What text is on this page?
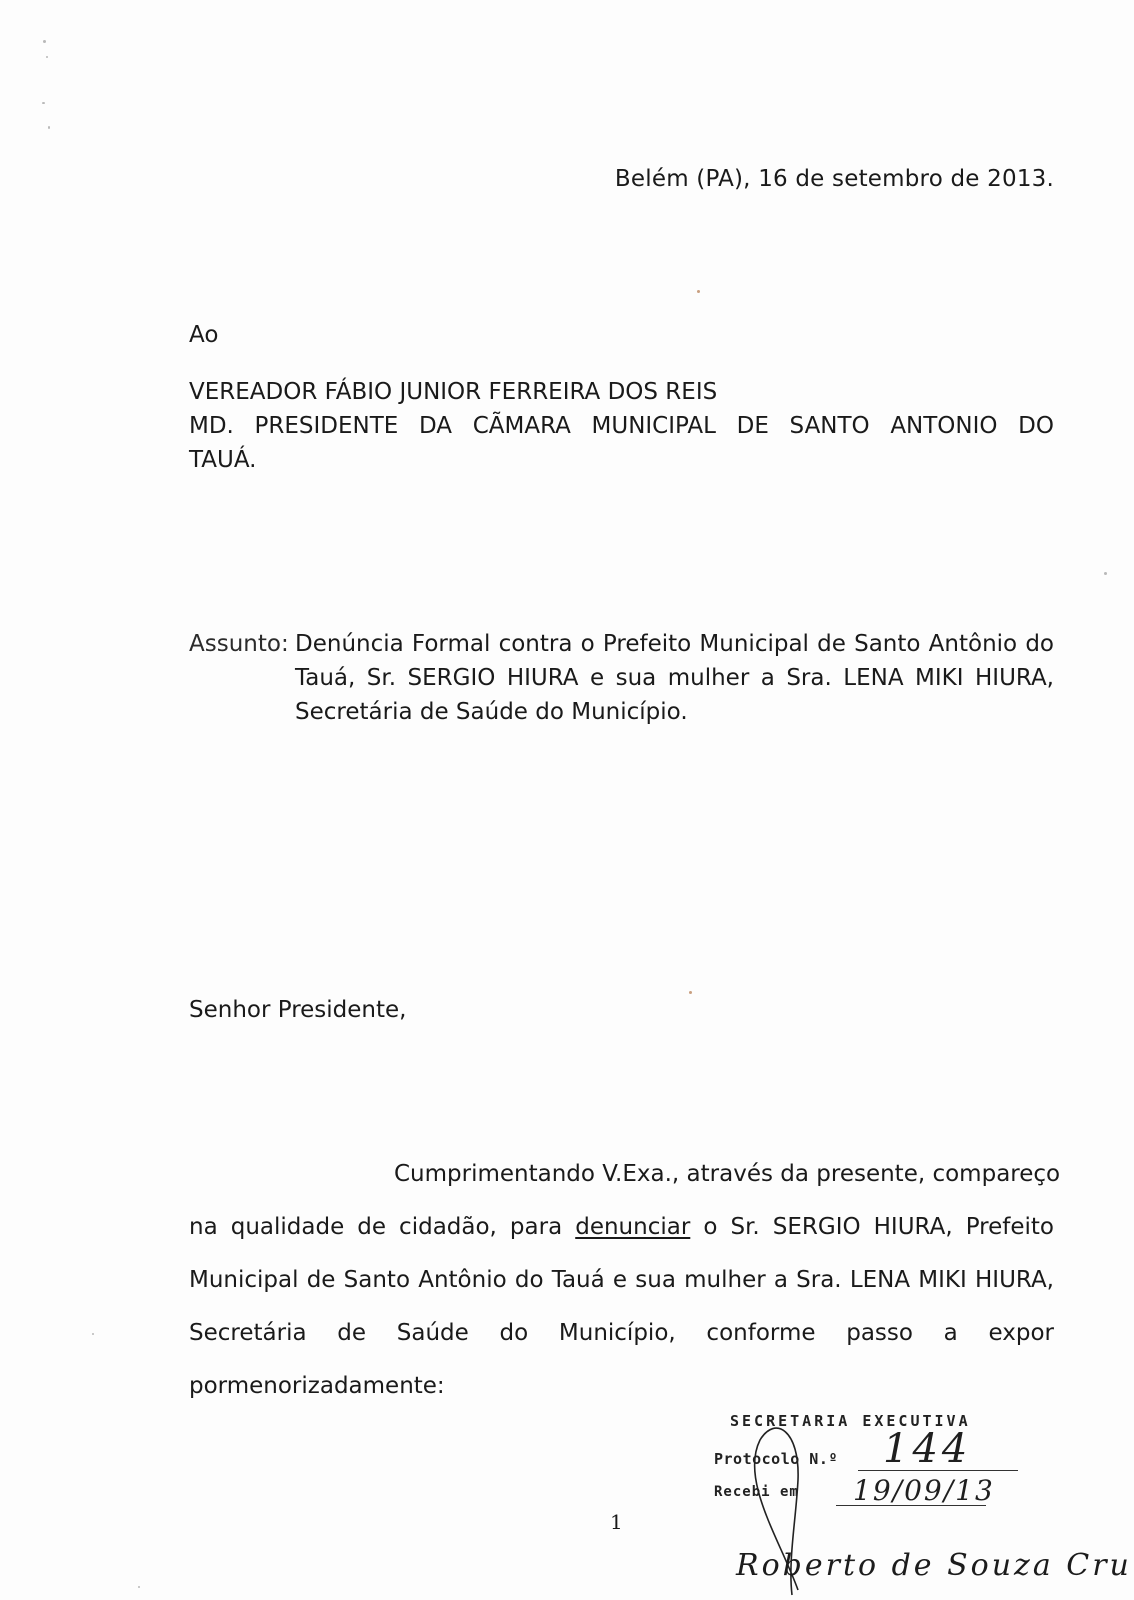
Belém (PA), 16 de setembro de 2013.
Ao
VEREADOR FÁBIO JUNIOR FERREIRA DOS REIS
MD. PRESIDENTE DA CÃMARA MUNICIPAL DE SANTO ANTONIO DO
TAUÁ.
Assunto: Denúncia Formal contra o Prefeito Municipal de Santo Antônio do
Tauá, Sr. SERGIO HIURA e sua mulher a Sra. LENA MIKI HIURA,
Secretária de Saúde do Município.
Senhor Presidente,
Cumprimentando V.Exa., através da presente, compareço
na qualidade de cidadão, para denunciar o Sr. SERGIO HIURA, Prefeito
Municipal de Santo Antônio do Tauá e sua mulher a Sra. LENA MIKI HIURA,
Secretária de Saúde do Município, conforme passo a expor
pormenorizadamente:
1
SECRETARIA EXECUTIVA
Protocolo N.º 144
Recebi em 19/09/13
Roberto de Souza Cru
